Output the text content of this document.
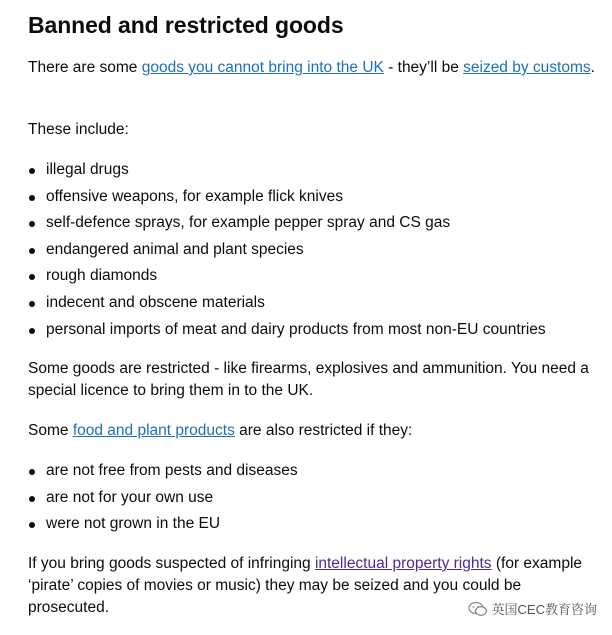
Banned and restricted goods

There are some goods you cannot bring into the UK - they’ll be seized by customs.

These include:

illegal drugs
offensive weapons, for example flick knives
self-defence sprays, for example pepper spray and CS gas
endangered animal and plant species
rough diamonds
indecent and obscene materials
personal imports of meat and dairy products from most non-EU countries

Some goods are restricted - like firearms, explosives and ammunition. You need a special licence to bring them in to the UK.

Some food and plant products are also restricted if they:

are not free from pests and diseases
are not for your own use
were not grown in the EU

If you bring goods suspected of infringing intellectual property rights (for example ‘pirate’ copies of movies or music) they may be seized and you could be prosecuted.	英国CEC教育咨询
